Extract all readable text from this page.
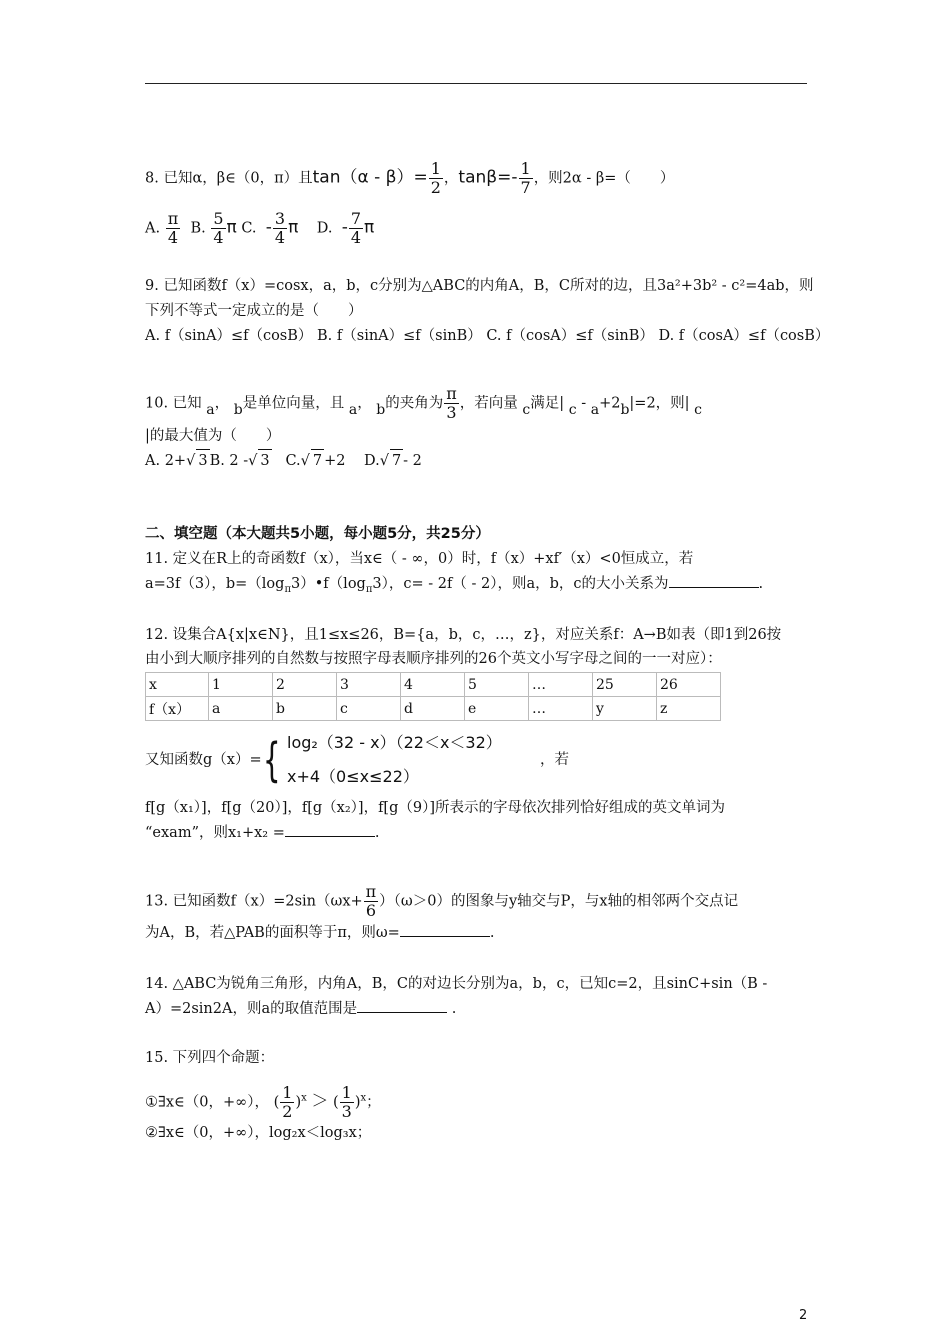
8. 已知α，β∈（0，π）且$\tan(\alpha - \beta)= \frac{1}{2}$ ，$\tan\beta=- \frac{1}{7}$ ，则2α - β=（　　）
A. $\frac{\pi}{4} B$. $\frac{5}{4}$ π C. - $\frac{3}{4}$ π D. - $\frac{7}{4}$ π
9. 已知函数f（x）=cosx，a，b，c分别为△ABC的内角A，B，C所对的边，且3a²+3b² - c²=4ab，则
下列不等式一定成立的是（　　）
A. f（sinA）≤f（cosB） B. f（sinA）≤f（sinB） C. f（cosA）≤f（sinB） D. f（cosA）≤f（cosB）
10. 已知 a， b是单位向量，且 a， b的夹角为 $\frac{\pi}{3}$ ，若向量 c满足| c - a+2b|=2，则| c
|的最大值为（　　）
A. 2+√ 3 B. 2 -√ 3 C.√ 7 +2 D.√ 7 - 2
二、填空题（本大题共5小题，每小题5分，共25分）
11. 定义在R上的奇函数f（x），当x∈（ - ∞，0）时，f（x）+xf′（x）<0恒成立，若
a=3f（3），$b=(\log_\pi 3)•f(\log_\pi 3)$，c= - 2f（ - 2），则a，b，c的大小关系为	.
12. 设集合A{x|x∈N}，且1≤x≤26，B={a，b，c，…，z}，对应关系f：A→B如表（即1到26按
由小到大顺序排列的自然数与按照字母表顺序排列的26个英文小写字母之间的一一对应）：
x	1	2	3	4	5	…	25	26
f（x）	a	b	c	d	e	…	y	z
又知函数g（x）= { log₂（32 - x）（22＜x＜32）
x+4（0≤x≤22）
，若
f[g（x₁）]，f[g（20）]，f[g（x₂）]，f[g（9）]所表示的字母依次排列恰好组成的英文单词为
“exam”，则x₁+x₂ =	.
13. 已知函数$f(x)=2\sin(\omega x+ \frac{\pi}{6} )(\omega>0)$的图象与y轴交与P，与x轴的相邻两个交点记
为A，B，若△PAB的面积等于π，则ω=	.
14. △ABC为锐角三角形，内角A，B，C的对边长分别为a，b，c，已知c=2，且sinC+sin（B -
A）=2sin2A，则a的取值范围是	.
15. 下列四个命题：
①∃x∈（0，+∞）， ( $\frac{1}{2} )^x$ ＞ ( $\frac{1}{3} )^x$；
②∃x∈（0，+∞），log₂x＜log₃x；
2
